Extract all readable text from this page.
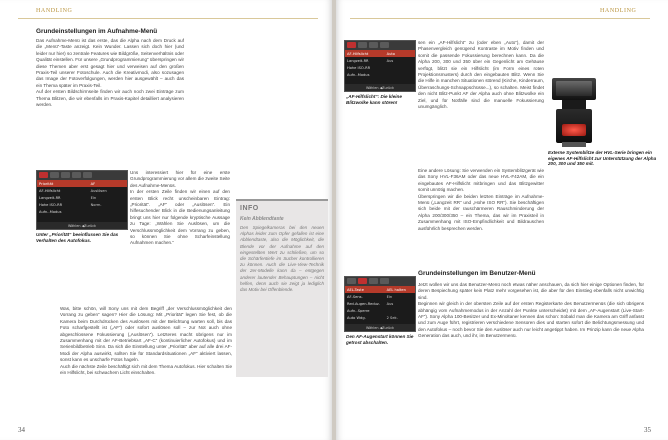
HANDLING
Grundeinstellungen im Aufnahme-Menü
Das Aufnahme-Menü ist das erste, das die Alpha nach dem Druck auf die „Menü“-Taste anzeigt. Kein Wunder. Lassen sich doch hier (und leider nur hier) so zentrale Features wie Bildgröße, Seitenverhältnis oder Qualität einstellen. Für unsere „Grundprogrammierung“ überspringen wir diese Themen aber erst gesagt hier und verweisen auf den großen Praxis-Teil unserer Fotoschule. Auch die Kreativmodi, also sozusagen das Image der Fotoverfolgungen, werden hier ausgewählt – auch das ein Thema später im Praxis-Teil.
Auf der ersten Bildschirmseite finden wir auch noch zwei Einträge zum Thema Blitzen, die wir ebenfalls im Praxis-Kapitel detailliert analysieren werden.
Priorität	AF
AF-Hilfslicht	Auslösen
Langzeit-RR	Ein
Hohe ISO-RR	Norm.
Aufn.-Modus
Wählen ◀Zurück
Unter „Priorität“ beeinflussen Sie das Verhalten des Autofokus.
Uns interessiert hier für eine erste Grundprogrammierung vor allem die zweite Seite des Aufnahme-Menüs.
In der ersten Zeile finden wir einen auf den ersten Blick recht unscheinbaren Eintrag: „Priorität“. „AF“ oder „Auslösen“. Ein hilfesuchender Blick in die Bedienungsanleitung bringt uns hier nur folgende kryptische Aussage zu Tage: „Wählen Sie Auslösen, um die Verschlussmöglichkeit dem Vorrang zu geben, so können Sie ohne Scharfeinstellung Aufnahmen machen.“
Was, bitte schön, will Sony uns mit dem Begriff „der Verschlussmöglichkeit den Vorrang zu geben“ sagen? Hier die Lösung: Mit „Priorität“ legen Sie fest, ob die Kamera beim Durchdrücken des Auslösers mit der Belichtung warten soll, bis das Foto scharfgestellt ist („AF“) oder sofort auslösen soll – zur Not auch ohne abgeschlossene Fokussierung („Auslösen“). Letzteres macht übrigens nur im Zusammenhang mit der AF-Betriebsart „AF-C“ (kontinuierlicher Autofokus) und im Serienbildbetrieb Sinn. Da sich die Einstellung unter „Priorität“ aber auf alle drei AF-Modi der Alpha auswirkt, sollten Sie für Standardsituationen „AF“ aktiviert lassen, sonst kann es unscharfe Fotos hageln.
Auch die nächste Zeile beschäftigt sich mit dem Thema Autofokus. Hier schalten Sie ein Hilfslicht, bei schwachem Licht einschalten.
INFO
Kein Abblendtaste
Den Spiegelkameras bei den neuen Alphas leider zum Opfer gefallen ist eine Abblendtaste, also die Möglichkeit, die Blende vor der Aufnahme auf den eingestellten Wert zu schließen, um so die Schärfentiefe im Sucher kontrollieren zu können. Auch die Live-View-Technik der 2er-Modelle kann da – entgegen anderer lautender Behauptungen – nicht helfen, denn auch sie zeigt ja lediglich das Motiv bei Offenblende.
34
HANDLING
AF-Hilfslicht	Auto
Langzeit-RR	Aus
Hohe ISO-RR
Aufn.-Modus
Wählen ◀Zurück
„AF-Hilfslicht“: Die kleine Blitzwolke kann stören!
sen ein „AF-Hilfslicht“ zu (oder eben „Auto“), damit der Phasenvergleich genügend Kontraste im Motiv finden und somit die passende Fokussierung berechnen kann. Da die Alpha 200, 300 und 350 über ein Gegenlicht am Gehäuse verfügt, blitzt sie ein Hilfslicht (im Form eines roten Projektionsmusters) durch den eingebauten Blitz. Wenn Sie die Hilfe in manchen Situationen störend (Kirche, Kinderraum, Überraschungs-Schnappschüsse...), so schalten. Meist findet den nicht Blitz-Punkt AF der Alpha auch ohne Blitzwolke ein Ziel, und für Notfälle sind die manuelle Fokussierung unumgänglich.
Eine andere Lösung: Sie verwenden ein Systemblitzgerät wie das Sony HVL-F36AM oder das neue HVL-F42AM, die ein eingebautes AF-Hilfslicht mitbringen und das Blitzgewitter somit unnötig machen.
Überspringen wir die beiden letzten Einträge im Aufnahme-Menü („Langzeit RR“ und „Hohe ISO RR“). Sie beschäftigen sich beide mit der rauschärmeren Rauschminderung der Alpha 200/300/350 – ein Thema, das wir im Praxisteil in Zusammenhang mit ISO-Empfindlichkeit und Bildrauschen ausführlich besprechen werden.
Externe Systemblitze der HVL-Serie bringen ein eigenes AF-Hilfslicht zur Unterstützung der Alpha 200, 300 und 350 mit.
Grundeinstellungen im Benutzer-Menü
AEL-Taste	AEL halten
AF-Sens.	Ein
Red.Augen-Reduz.	Aus
Aufn.-Sperre
Auto Wdg.	2 Sek.
Wählen ◀Zurück
Den AF-Augenstart können Sie getrost abschalten.
Jetzt wollen wir uns das Benutzer-Menü noch etwas näher anschauen, da sich hier einige Optionen finden, für deren Bespiechung später kein Platz mehr vorgesehen ist, die aber für den Einstieg ebenfalls nicht unwichtig sind.
Beginnen wir gleich in der obersten Zeile auf der ersten Registerkarte des Benutzermenüs (die sich übrigens abhängig vom Aufnahmemodus in der Anzahl der Punkte unterscheidet) mit dem „AF-Augenstart (Live-Start-AF“). Sony Alpha 100-Besitzer und Ex-Minoltaner kennen das schon: Sobald man die Kamera am Griff anfasst und zum Auge führt, registrieren verschiedene Sensoren dies und starten sofort die Belichtungsmessung und den Autofokus – noch bevor Sie den Auslöser auch nur leicht angetippt haben. Im Prinzip kann die neue Alpha Generation das auch, und ihr, im Benutzermenü.
35
